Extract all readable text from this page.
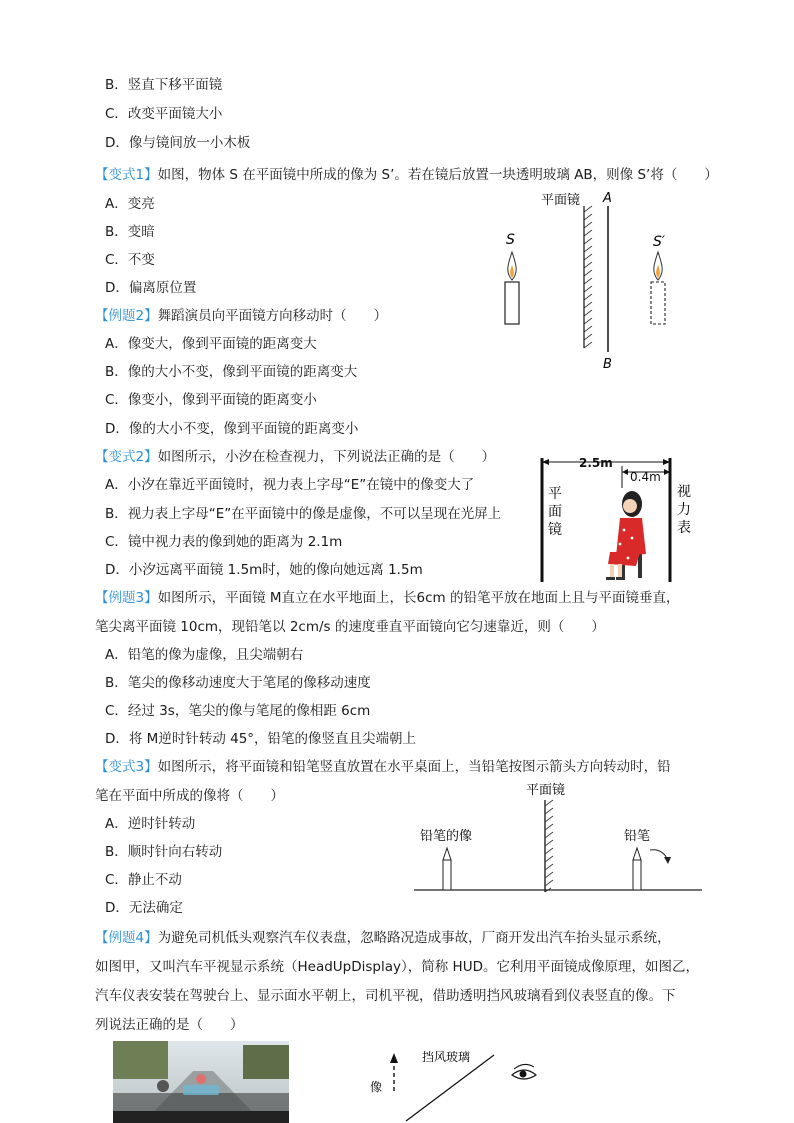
B．竖直下移平面镜
C．改变平面镜大小
D．像与镜间放一小木板
【变式1】如图，物体 S 在平面镜中所成的像为 S’。若在镜后放置一块透明玻璃 AB，则像 S’将（　　）
A．变亮
B．变暗
C．不变
D．偏离原位置
平面镜 A
B
S	S′
【例题2】舞蹈演员向平面镜方向移动时（　　）
A．像变大，像到平面镜的距离变大
B．像的大小不变，像到平面镜的距离变大
C．像变小，像到平面镜的距离变小
D．像的大小不变，像到平面镜的距离变小
【变式2】如图所示，小汐在检查视力，下列说法正确的是（　　）
A．小汐在靠近平面镜时，视力表上字母“E”在镜中的像变大了
B．视力表上字母“E”在平面镜中的像是虚像，不可以呈现在光屏上
C．镜中视力表的像到她的距离为 2.1m
D．小汐远离平面镜 1.5m时，她的像向她远离 1.5m
2.5m
0.4m
平
面
镜
视
力
表
【例题3】如图所示，平面镜 M直立在水平地面上，长6cm 的铅笔平放在地面上且与平面镜垂直，
笔尖离平面镜 10cm，现铅笔以 2cm/s 的速度垂直平面镜向它匀速靠近，则（　　）
A．铅笔的像为虚像，且尖端朝右
B．笔尖的像移动速度大于笔尾的像移动速度
C．经过 3s，笔尖的像与笔尾的像相距 6cm
D．将 M逆时针转动 45°，铅笔的像竖直且尖端朝上
【变式3】如图所示，将平面镜和铅笔竖直放置在水平桌面上，当铅笔按图示箭头方向转动时，铅
笔在平面中所成的像将（　　）
A．逆时针转动
B．顺时针向右转动
C．静止不动
D．无法确定
平面镜
铅笔的像	铅笔
【例题4】为避免司机低头观察汽车仪表盘，忽略路况造成事故，厂商开发出汽车抬头显示系统，
如图甲，又叫汽车平视显示系统（HeadUpDisplay），简称 HUD。它利用平面镜成像原理，如图乙，
汽车仪表安装在驾驶台上、显示面水平朝上，司机平视，借助透明挡风玻璃看到仪表竖直的像。下
列说法正确的是（　　）
像
挡风玻璃
